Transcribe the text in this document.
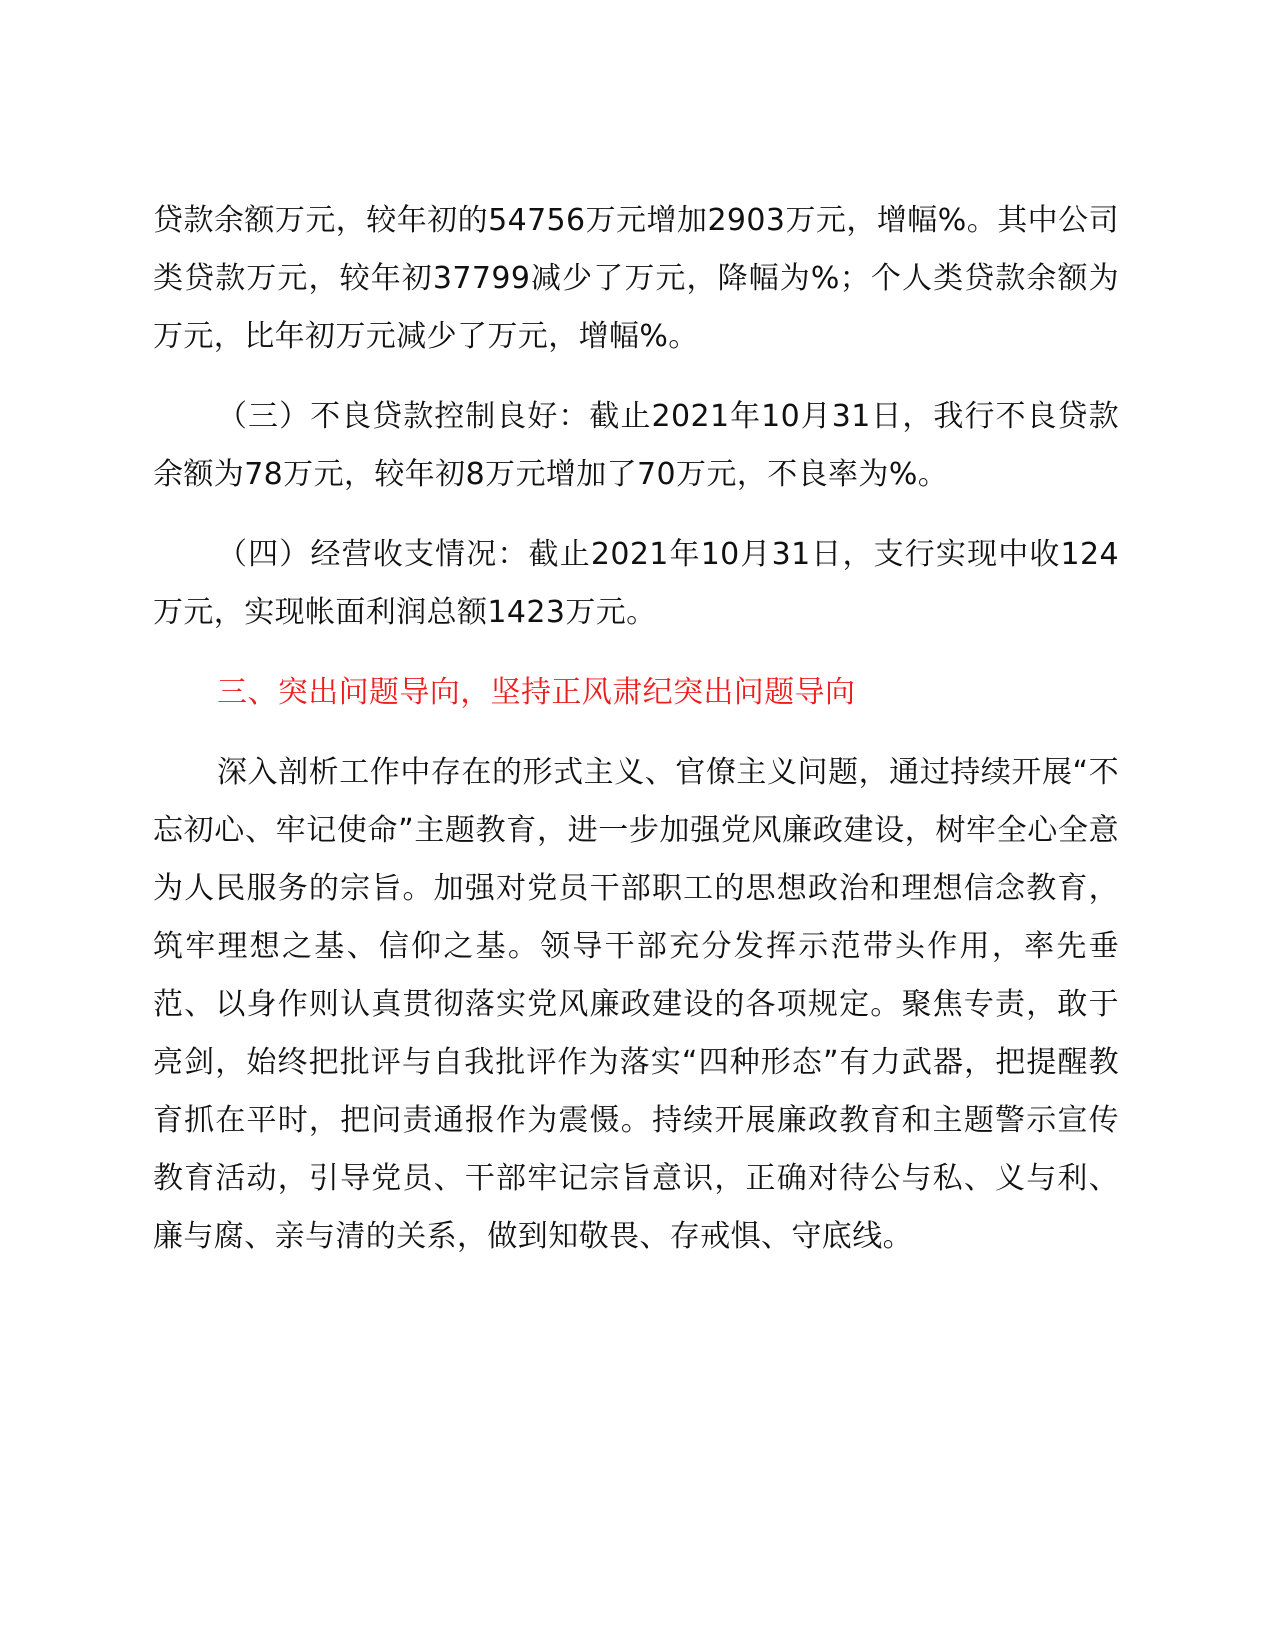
贷款余额万元，较年初的54756万元增加2903万元，增幅%。其中公司类贷款万元，较年初37799减少了万元，降幅为%；个人类贷款余额为万元，比年初万元减少了万元，增幅%。

（三）不良贷款控制良好：截止2021年10月31日，我行不良贷款余额为78万元，较年初8万元增加了70万元，不良率为%。

（四）经营收支情况：截止2021年10月31日，支行实现中收124万元，实现帐面利润总额1423万元。

三、突出问题导向，坚持正风肃纪突出问题导向

深入剖析工作中存在的形式主义、官僚主义问题，通过持续开展“不忘初心、牢记使命”主题教育，进一步加强党风廉政建设，树牢全心全意为人民服务的宗旨。加强对党员干部职工的思想政治和理想信念教育，筑牢理想之基、信仰之基。领导干部充分发挥示范带头作用，率先垂范、以身作则认真贯彻落实党风廉政建设的各项规定。聚焦专责，敢于亮剑，始终把批评与自我批评作为落实“四种形态”有力武器，把提醒教育抓在平时，把问责通报作为震慑。持续开展廉政教育和主题警示宣传教育活动，引导党员、干部牢记宗旨意识，正确对待公与私、义与利、廉与腐、亲与清的关系，做到知敬畏、存戒惧、守底线。
